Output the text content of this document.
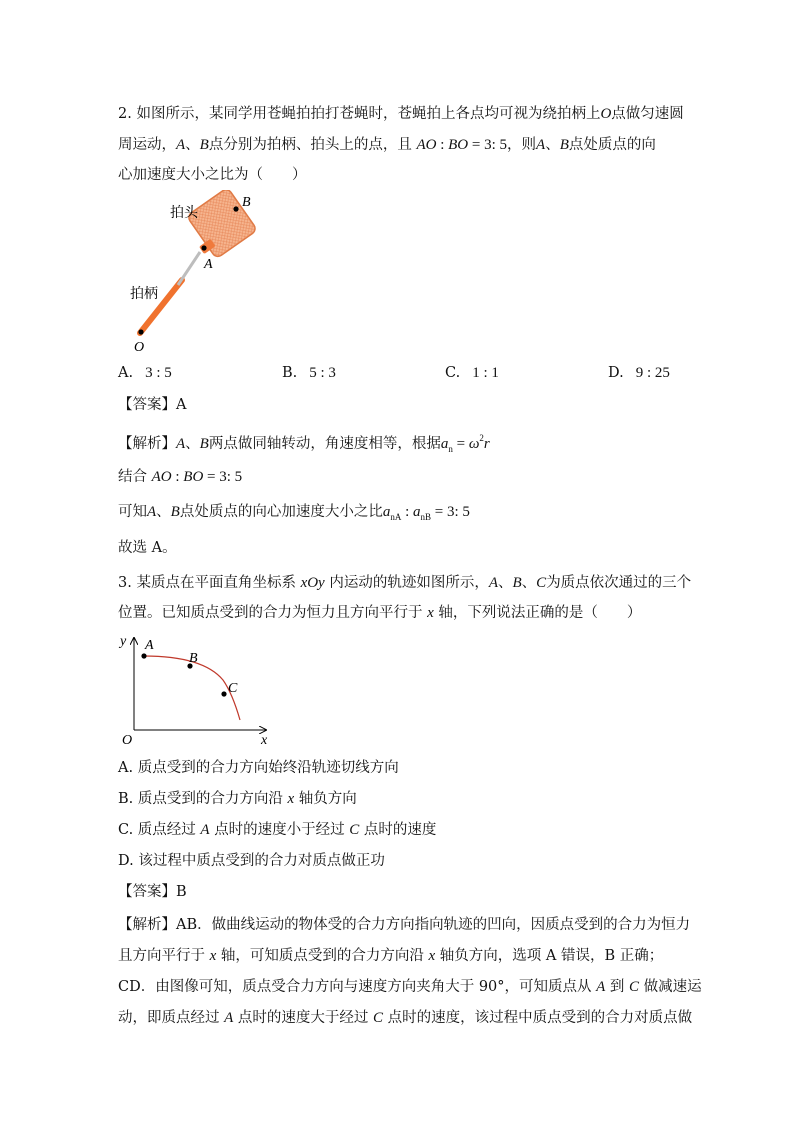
2. 如图所示，某同学用苍蝇拍拍打苍蝇时，苍蝇拍上各点均可视为绕拍柄上O点做匀速圆
周运动，A、B点分别为拍柄、拍头上的点，且 AO : BO = 3: 5，则A、B点处质点的向
心加速度大小之比为（　　）
B
A
O
拍头
拍柄
A. 3 : 5	B. 5 : 3	C. 1 : 1	D. 9 : 25
【答案】A
【解析】A、B两点做同轴转动，角速度相等，根据$a_n = \omega^2r$
结合 AO : BO = 3: 5
可知A、B点处质点的向心加速度大小之比$a_{nA}$ : $a_{nB} = 3$: 5
故选 A。
3. 某质点在平面直角坐标系 xOy 内运动的轨迹如图所示，A、B、C为质点依次通过的三个
位置。已知质点受到的合力为恒力且方向平行于 x 轴，下列说法正确的是（　　）
y A
B
C
O	x
A. 质点受到的合力方向始终沿轨迹切线方向
B. 质点受到的合力方向沿 x 轴负方向
C. 质点经过 A 点时的速度小于经过 C 点时的速度
D. 该过程中质点受到的合力对质点做正功
【答案】B
【解析】AB．做曲线运动的物体受的合力方向指向轨迹的凹向，因质点受到的合力为恒力
且方向平行于 x 轴，可知质点受到的合力方向沿 x 轴负方向，选项 A 错误，B 正确；
CD．由图像可知，质点受合力方向与速度方向夹角大于 90°，可知质点从 A 到 C 做减速运
动，即质点经过 A 点时的速度大于经过 C 点时的速度，该过程中质点受到的合力对质点做
